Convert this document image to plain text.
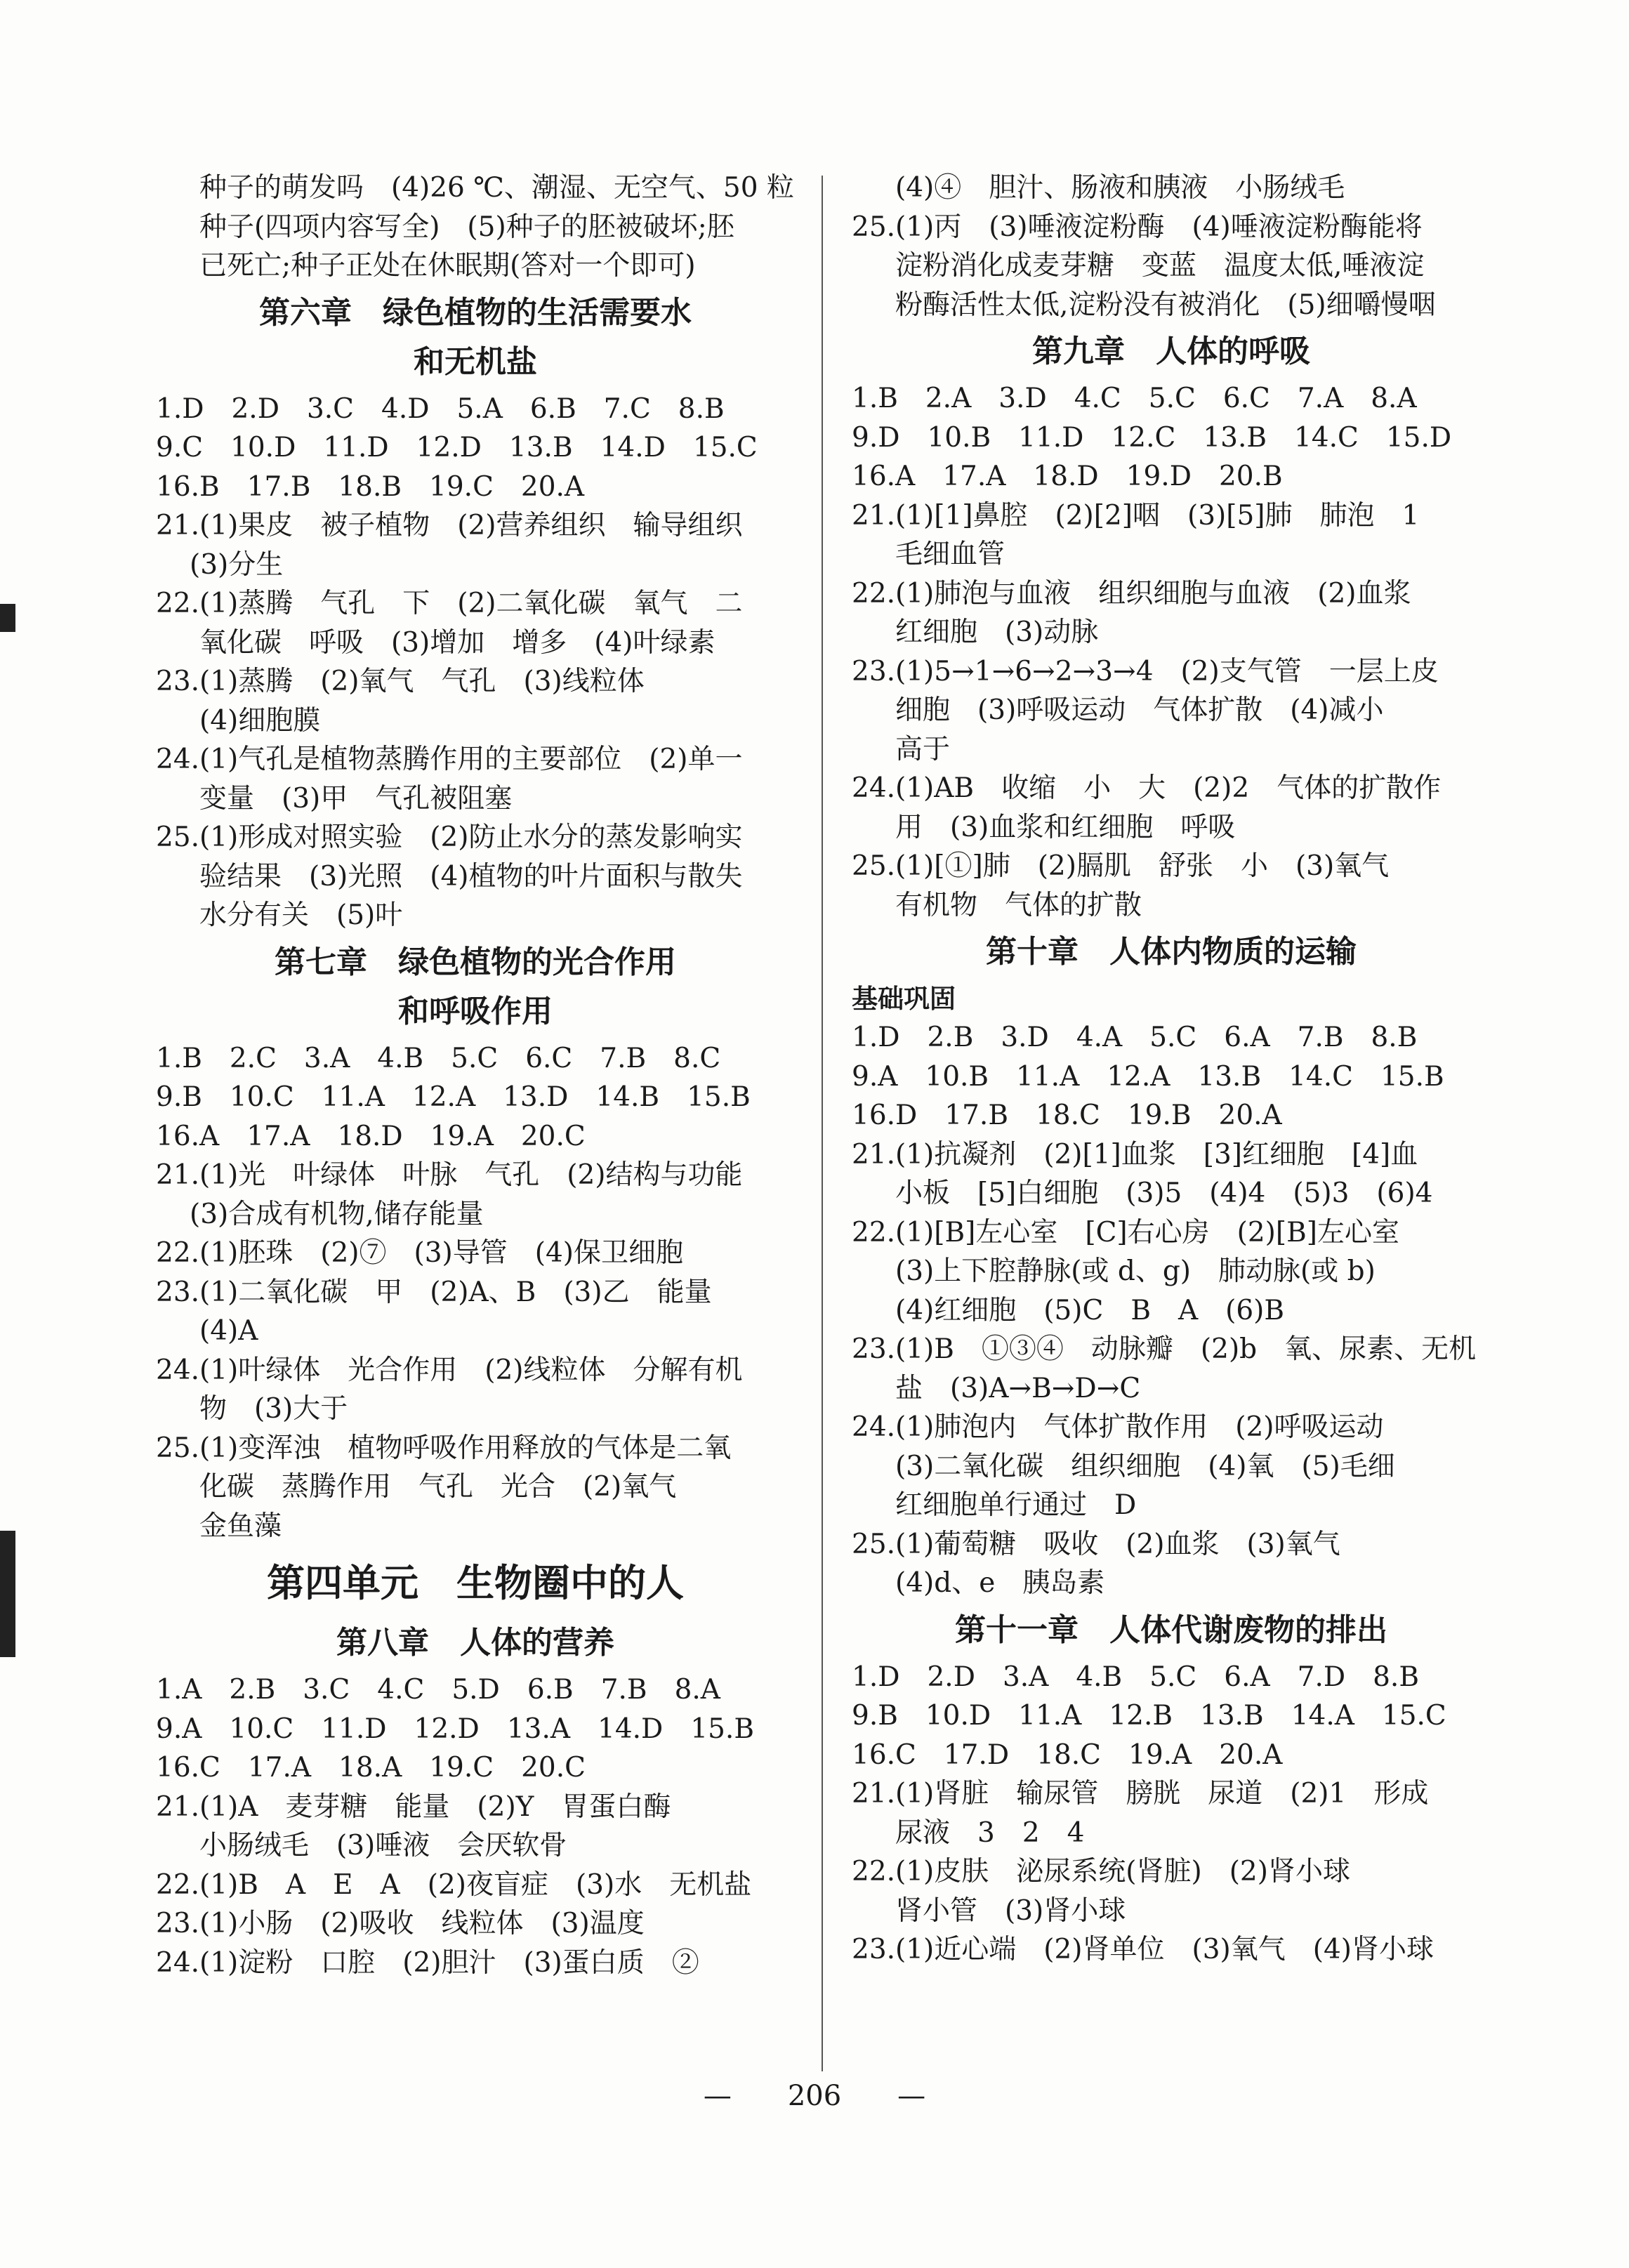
种子的萌发吗　(4)26 ℃、潮湿、无空气、50 粒
种子(四项内容写全)　(5)种子的胚被破坏;胚
已死亡;种子正处在休眠期(答对一个即可)
第六章　绿色植物的生活需要水
和无机盐
1.D　2.D　3.C　4.D　5.A　6.B　7.C　8.B
9.C　10.D　11.D　12.D　13.B　14.D　15.C
16.B　17.B　18.B　19.C　20.A
21.(1)果皮　被子植物　(2)营养组织　输导组织
(3)分生
22.(1)蒸腾　气孔　下　(2)二氧化碳　氧气　二
氧化碳　呼吸　(3)增加　增多　(4)叶绿素
23.(1)蒸腾　(2)氧气　气孔　(3)线粒体
(4)细胞膜
24.(1)气孔是植物蒸腾作用的主要部位　(2)单一
变量　(3)甲　气孔被阻塞
25.(1)形成对照实验　(2)防止水分的蒸发影响实
验结果　(3)光照　(4)植物的叶片面积与散失
水分有关　(5)叶
第七章　绿色植物的光合作用
和呼吸作用
1.B　2.C　3.A　4.B　5.C　6.C　7.B　8.C
9.B　10.C　11.A　12.A　13.D　14.B　15.B
16.A　17.A　18.D　19.A　20.C
21.(1)光　叶绿体　叶脉　气孔　(2)结构与功能
(3)合成有机物,储存能量
22.(1)胚珠　(2)⑦　(3)导管　(4)保卫细胞
23.(1)二氧化碳　甲　(2)A、B　(3)乙　能量
(4)A
24.(1)叶绿体　光合作用　(2)线粒体　分解有机
物　(3)大于
25.(1)变浑浊　植物呼吸作用释放的气体是二氧
化碳　蒸腾作用　气孔　光合　(2)氧气
金鱼藻
第四单元　生物圈中的人
第八章　人体的营养
1.A　2.B　3.C　4.C　5.D　6.B　7.B　8.A
9.A　10.C　11.D　12.D　13.A　14.D　15.B
16.C　17.A　18.A　19.C　20.C
21.(1)A　麦芽糖　能量　(2)Y　胃蛋白酶
小肠绒毛　(3)唾液　会厌软骨
22.(1)B　A　E　A　(2)夜盲症　(3)水　无机盐
23.(1)小肠　(2)吸收　线粒体　(3)温度
24.(1)淀粉　口腔　(2)胆汁　(3)蛋白质　②
(4)④　胆汁、肠液和胰液　小肠绒毛
25.(1)丙　(3)唾液淀粉酶　(4)唾液淀粉酶能将
淀粉消化成麦芽糖　变蓝　温度太低,唾液淀
粉酶活性太低,淀粉没有被消化　(5)细嚼慢咽
第九章　人体的呼吸
1.B　2.A　3.D　4.C　5.C　6.C　7.A　8.A
9.D　10.B　11.D　12.C　13.B　14.C　15.D
16.A　17.A　18.D　19.D　20.B
21.(1)[1]鼻腔　(2)[2]咽　(3)[5]肺　肺泡　1
毛细血管
22.(1)肺泡与血液　组织细胞与血液　(2)血浆
红细胞　(3)动脉
23.(1)5→1→6→2→3→4　(2)支气管　一层上皮
细胞　(3)呼吸运动　气体扩散　(4)减小
高于
24.(1)AB　收缩　小　大　(2)2　气体的扩散作
用　(3)血浆和红细胞　呼吸
25.(1)[①]肺　(2)膈肌　舒张　小　(3)氧气
有机物　气体的扩散
第十章　人体内物质的运输
基础巩固
1.D　2.B　3.D　4.A　5.C　6.A　7.B　8.B
9.A　10.B　11.A　12.A　13.B　14.C　15.B
16.D　17.B　18.C　19.B　20.A
21.(1)抗凝剂　(2)[1]血浆　[3]红细胞　[4]血
小板　[5]白细胞　(3)5　(4)4　(5)3　(6)4
22.(1)[B]左心室　[C]右心房　(2)[B]左心室
(3)上下腔静脉(或 d、g)　肺动脉(或 b)
(4)红细胞　(5)C　B　A　(6)B
23.(1)B　①③④　动脉瓣　(2)b　氧、尿素、无机
盐　(3)A→B→D→C
24.(1)肺泡内　气体扩散作用　(2)呼吸运动
(3)二氧化碳　组织细胞　(4)氧　(5)毛细
红细胞单行通过　D
25.(1)葡萄糖　吸收　(2)血浆　(3)氧气
(4)d、e　胰岛素
第十一章　人体代谢废物的排出
1.D　2.D　3.A　4.B　5.C　6.A　7.D　8.B
9.B　10.D　11.A　12.B　13.B　14.A　15.C
16.C　17.D　18.C　19.A　20.A
21.(1)肾脏　输尿管　膀胱　尿道　(2)1　形成
尿液　3　2　4
22.(1)皮肤　泌尿系统(肾脏)　(2)肾小球
肾小管　(3)肾小球
23.(1)近心端　(2)肾单位　(3)氧气　(4)肾小球
—　　206　　—
